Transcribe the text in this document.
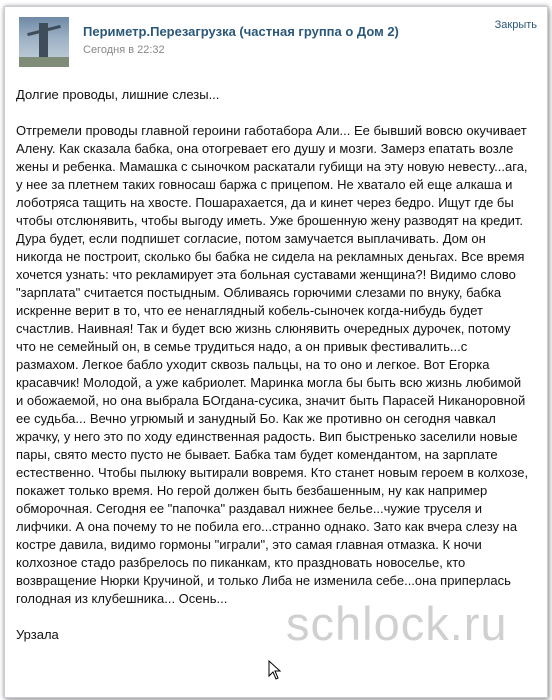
Периметр.Перезагрузка (частная группа о Дом 2)
Сегодня в 22:32
Закрыть

Долгие проводы, лишние слезы...

Отгремели проводы главной героини габотабора Али... Ее бывший вовсю окучивает Алену. Как сказала бабка, она отогревает его душу и мозги. Замерз епатать возле жены и ребенка. Мамашка с сыночком раскатали губищи на эту новую невесту...ага, у нее за плетнем таких говносаш баржа с прицепом. Не хватало ей еще алкаша и лоботряса тащить на хвосте. Пошарахается, да и кинет через бедро. Ищут где бы чтобы отслюнявить, чтобы выгоду иметь. Уже брошенную жену разводят на кредит. Дура будет, если подпишет согласие, потом замучается выплачивать. Дом он никогда не построит, сколько бы бабка не сидела на рекламных деньгах. Все время хочется узнать: что рекламирует эта больная суставами женщина?! Видимо слово "зарплата" считается постыдным. Обливаясь горючими слезами по внуку, бабка искренне верит в то, что ее ненаглядный кобель-сыночек когда-нибудь будет счастлив. Наивная! Так и будет всю жизнь слюнявить очередных дурочек, потому что не семейный он, в семье трудиться надо, а он привык фестивалить...с размахом. Легкое бабло уходит сквозь пальцы, на то оно и легкое. Вот Егорка красавчик! Молодой, а уже кабриолет. Маринка могла бы быть всю жизнь любимой и обожаемой, но она выбрала БОгдана-сусика, значит быть Парасей Никаноровной ее судьба... Вечно угрюмый и занудный Бо. Как же противно он сегодня чавкал жрачку, у него это по ходу единственная радость. Вип быстренько заселили новые пары, свято место пусто не бывает. Бабка там будет комендантом, на зарплате естественно. Чтобы пылюку вытирали вовремя. Кто станет новым героем в колхозе, покажет только время. Но герой должен быть безбашенным, ну как например обморочная. Сегодня ее "папочка" раздавал нижнее белье...чужие труселя и лифчики. А она почему то не побила его...странно однако. Зато как вчера слезу на костре давила, видимо гормоны "играли", это самая главная отмазка. К ночи колхозное стадо разбрелось по пиканкам, кто праздновать новоселье, кто возвращение Нюрки Кручиной, и только Либа не изменила себе...она приперлась голодная из клубешника... Осень...

Урзала	schlock.ru
